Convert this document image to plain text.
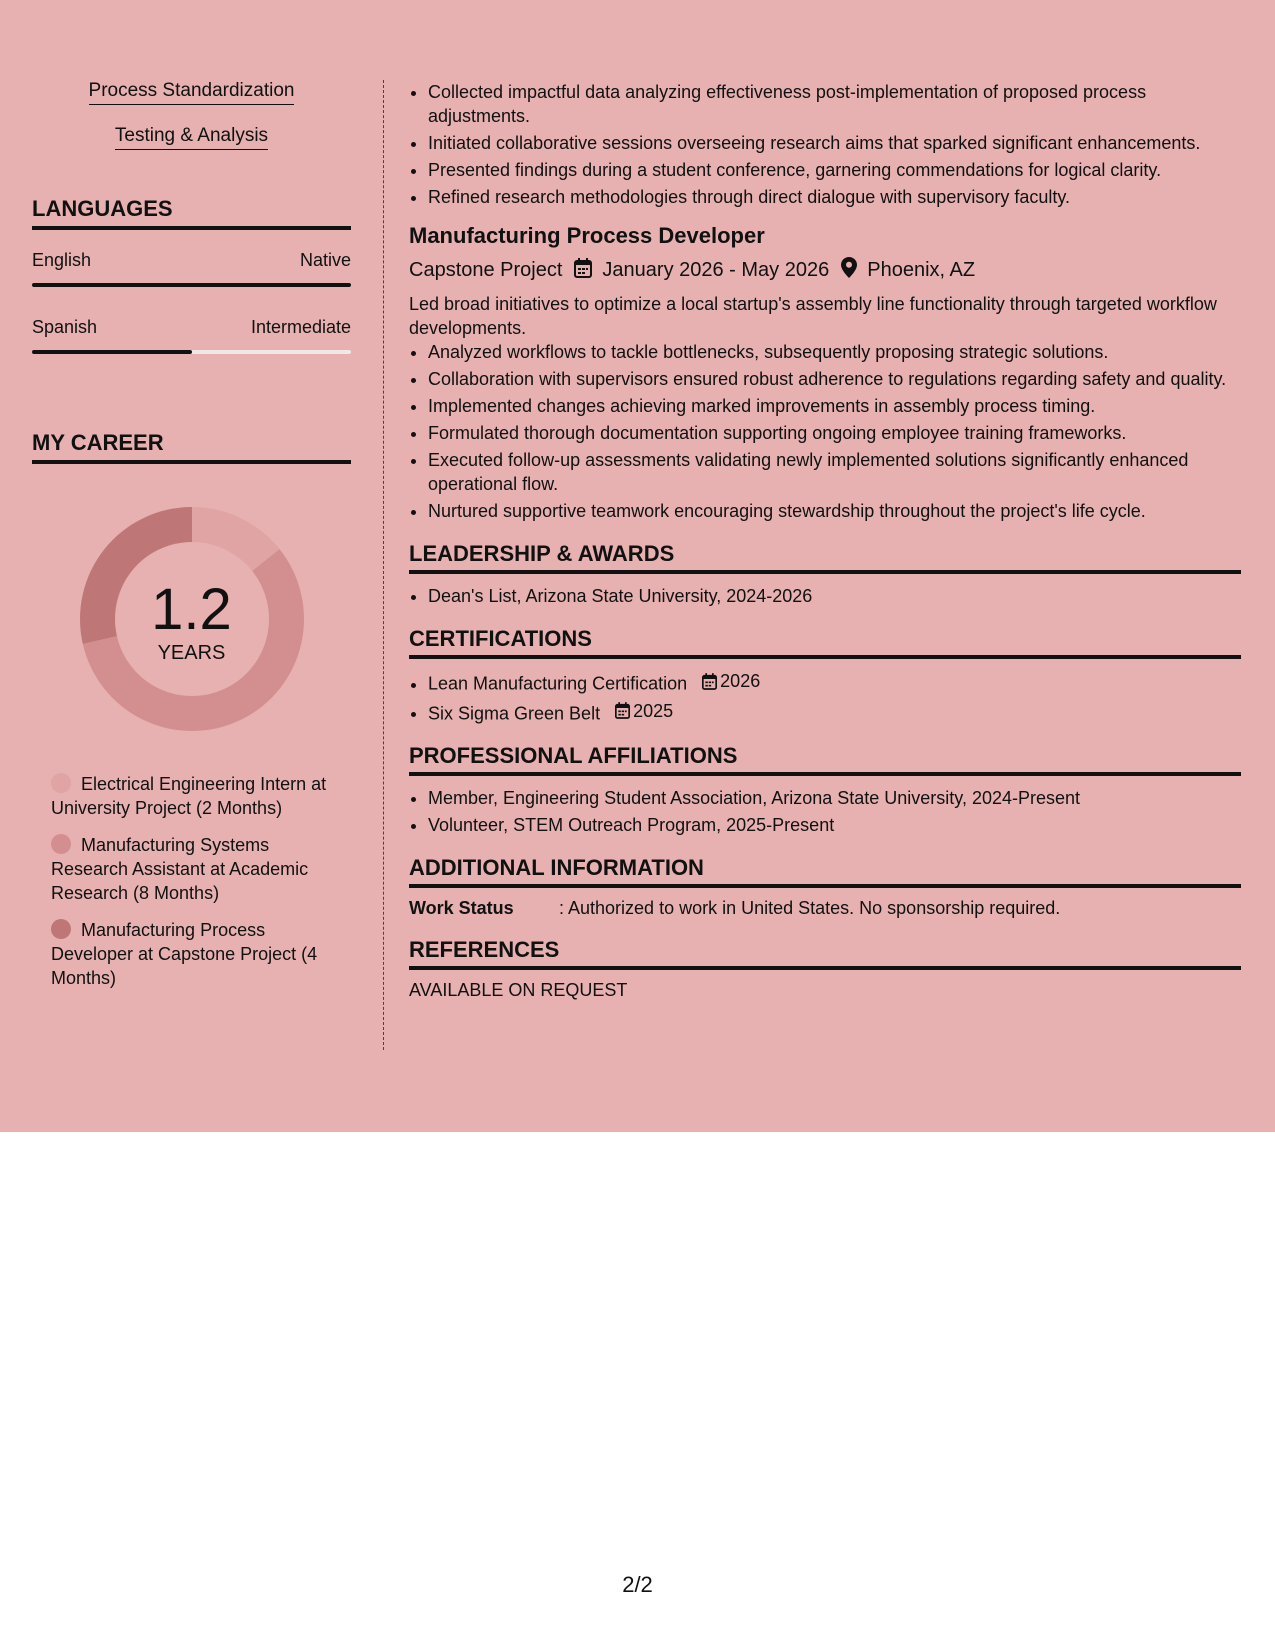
Process Standardization
Testing & Analysis
LANGUAGES
English	Native
Spanish	Intermediate
MY CAREER
1.2
YEARS
Electrical Engineering Intern at University Project (2 Months)
Manufacturing Systems Research Assistant at Academic Research (8 Months)
Manufacturing Process Developer at Capstone Project (4 Months)
• Collected impactful data analyzing effectiveness post-implementation of proposed process adjustments.
• Initiated collaborative sessions overseeing research aims that sparked significant enhancements.
• Presented findings during a student conference, garnering commendations for logical clarity.
• Refined research methodologies through direct dialogue with supervisory faculty.
Manufacturing Process Developer
Capstone Project January 2026 - May 2026 Phoenix, AZ
Led broad initiatives to optimize a local startup's assembly line functionality through targeted workflow developments.
• Analyzed workflows to tackle bottlenecks, subsequently proposing strategic solutions.
• Collaboration with supervisors ensured robust adherence to regulations regarding safety and quality.
• Implemented changes achieving marked improvements in assembly process timing.
• Formulated thorough documentation supporting ongoing employee training frameworks.
• Executed follow-up assessments validating newly implemented solutions significantly enhanced operational flow.
• Nurtured supportive teamwork encouraging stewardship throughout the project's life cycle.
LEADERSHIP & AWARDS
• Dean's List, Arizona State University, 2024-2026
CERTIFICATIONS
• Lean Manufacturing Certification 2026
• Six Sigma Green Belt 2025
PROFESSIONAL AFFILIATIONS
• Member, Engineering Student Association, Arizona State University, 2024-Present
• Volunteer, STEM Outreach Program, 2025-Present
ADDITIONAL INFORMATION
Work Status	: Authorized to work in United States. No sponsorship required.
REFERENCES
AVAILABLE ON REQUEST
2/2
